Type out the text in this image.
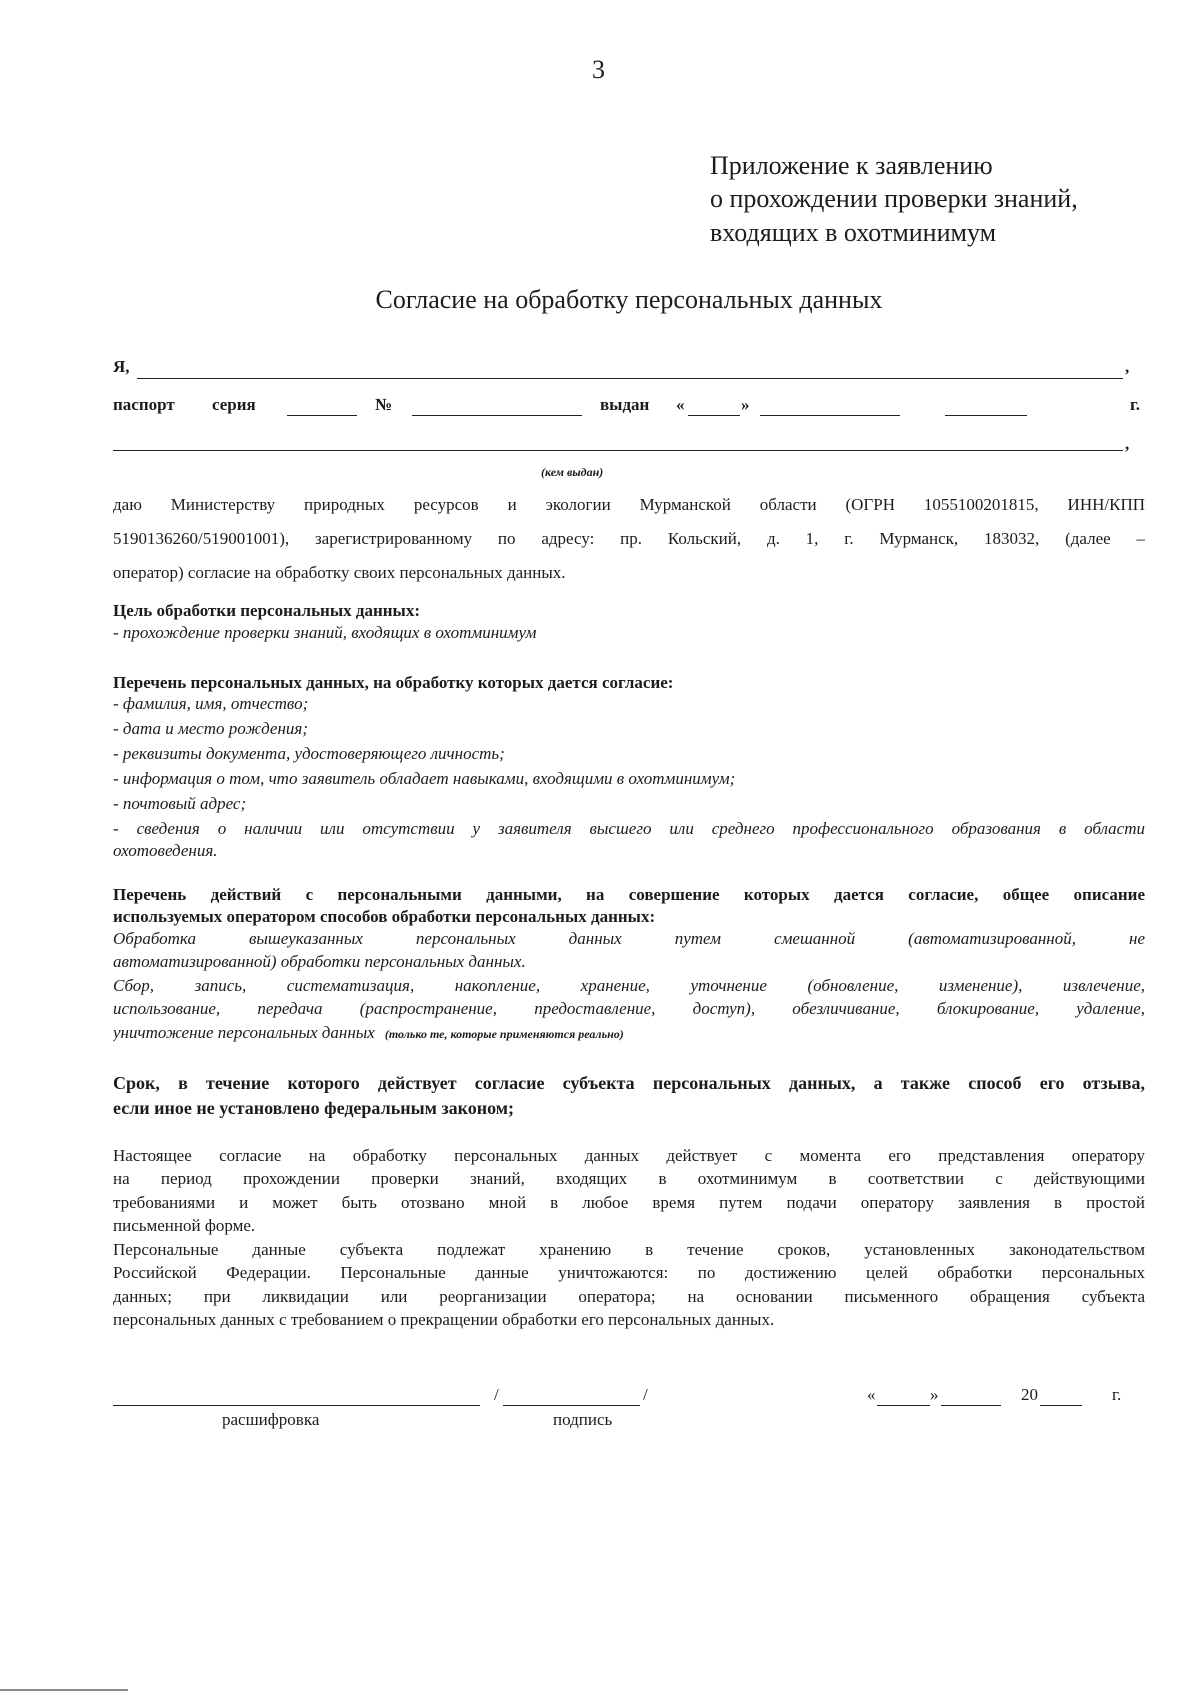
3
Приложение к заявлению
о прохождении проверки знаний,
входящих в охотминимум
Согласие на обработку персональных данных
Я,	,
паспорт серия	№	выдан «	»	г.
,
(кем выдан)
даю Министерству природных ресурсов и экологии Мурманской области (ОГРН 1055100201815, ИНН/КПП
5190136260/519001001), зарегистрированному по адресу: пр. Кольский, д. 1, г. Мурманск, 183032, (далее –
оператор) согласие на обработку своих персональных данных.
Цель обработки персональных данных:
- прохождение проверки знаний, входящих в охотминимум
Перечень персональных данных, на обработку которых дается согласие:
- фамилия, имя, отчество;
- дата и место рождения;
- реквизиты документа, удостоверяющего личность;
- информация о том, что заявитель обладает навыками, входящими в охотминимум;
- почтовый адрес;
- сведения о наличии или отсутствии у заявителя высшего или среднего профессионального образования в области
охотоведения.
Перечень действий с персональными данными, на совершение которых дается согласие, общее описание
используемых оператором способов обработки персональных данных:
Обработка вышеуказанных персональных данных путем смешанной (автоматизированной, не
автоматизированной) обработки персональных данных.
Сбор, запись, систематизация, накопление, хранение, уточнение (обновление, изменение), извлечение,
использование, передача (распространение, предоставление, доступ), обезличивание, блокирование, удаление,
уничтожение персональных данных (только те, которые применяются реально)
Срок, в течение которого действует согласие субъекта персональных данных, а также способ его отзыва,
если иное не установлено федеральным законом;
Настоящее согласие на обработку персональных данных действует с момента его представления оператору
на период прохождении проверки знаний, входящих в охотминимум в соответствии с действующими
требованиями и может быть отозвано мной в любое время путем подачи оператору заявления в простой
письменной форме.
Персональные данные субъекта подлежат хранению в течение сроков, установленных законодательством
Российской Федерации. Персональные данные уничтожаются: по достижению целей обработки персональных
данных; при ликвидации или реорганизации оператора; на основании письменного обращения субъекта
персональных данных с требованием о прекращении обработки его персональных данных.
/	/	«	»	20	г.
расшифровка	подпись
